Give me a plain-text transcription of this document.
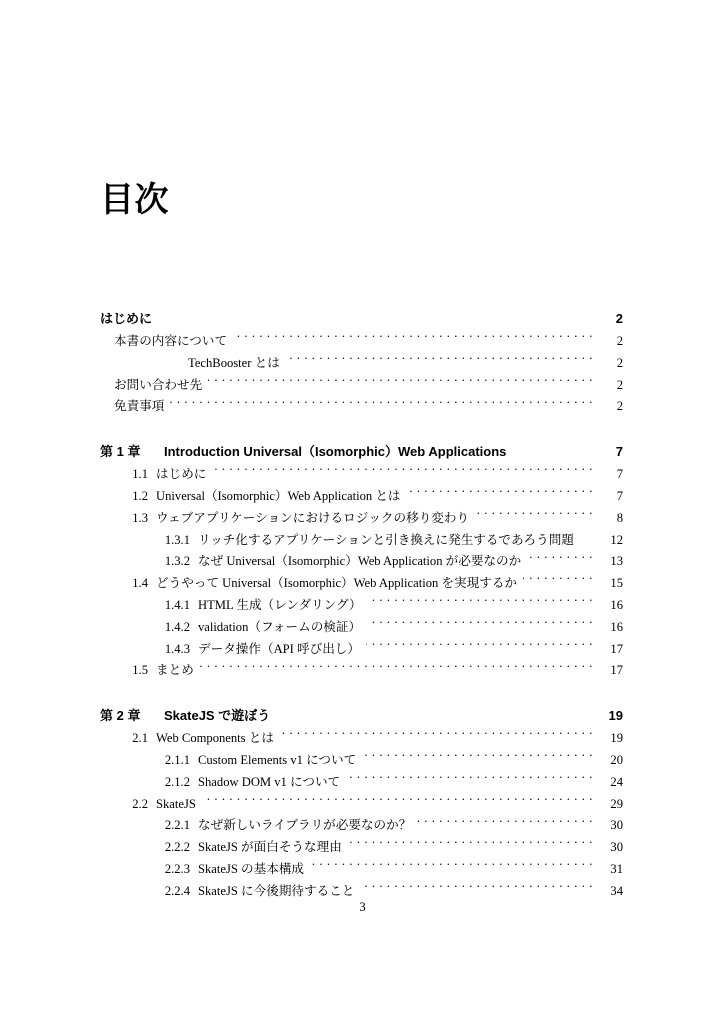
目次
はじめに	2
本書の内容について . . .	2
TechBooster とは . . .	2
お問い合わせ先 . . .	2
免責事項 . . .	2
第 1 章	Introduction Universal（Isomorphic）Web Applications	7
1.1 はじめに . . .	7
1.2 Universal（Isomorphic）Web Application とは . . .	7
1.3 ウェブアプリケーションにおけるロジックの移り変わり . . .	8
1.3.1 リッチ化するアプリケーションと引き換えに発生するであろう問題	12
1.3.2 なぜ Universal（Isomorphic）Web Application が必要なのか . . .	13
1.4 どうやって Universal（Isomorphic）Web Application を実現するか . . .	15
1.4.1 HTML 生成（レンダリング） . . .	16
1.4.2 validation（フォームの検証） . . .	16
1.4.3 データ操作（API 呼び出し） . . .	17
1.5 まとめ . . .	17
第 2 章	SkateJS で遊ぼう	19
2.1 Web Components とは . . .	19
2.1.1 Custom Elements v1 について . . .	20
2.1.2 Shadow DOM v1 について . . .	24
2.2 SkateJS . . .	29
2.2.1 なぜ新しいライブラリが必要なのか？ . . .	30
2.2.2 SkateJS が面白そうな理由 . . .	30
2.2.3 SkateJS の基本構成 . . .	31
2.2.4 SkateJS に今後期待すること . . .	34
3
